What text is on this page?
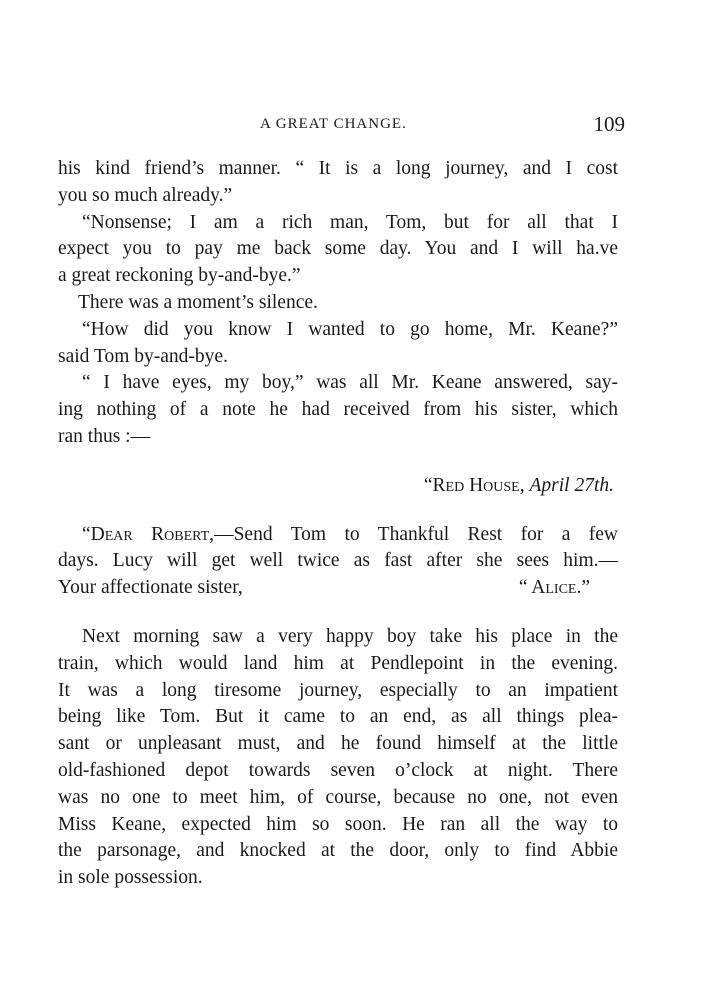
A GREAT CHANGE.	109
his kind friend’s manner. “ It is a long journey, and I cost
you so much already.”
“Nonsense; I am a rich man, Tom, but for all that I
expect you to pay me back some day. You and I will ha.ve
a great reckoning by-and-bye.”
There was a moment’s silence.
“How did you know I wanted to go home, Mr. Keane?”
said Tom by-and-bye.
“ I have eyes, my boy,” was all Mr. Keane answered, say-
ing nothing of a note he had received from his sister, which
ran thus :—
“Red House, April 27th.
“Dear Robert,—Send Tom to Thankful Rest for a few
days. Lucy will get well twice as fast after she sees him.—
Your affectionate sister,	“ Alice.”
Next morning saw a very happy boy take his place in the
train, which would land him at Pendlepoint in the evening.
It was a long tiresome journey, especially to an impatient
being like Tom. But it came to an end, as all things plea-
sant or unpleasant must, and he found himself at the little
old-fashioned depot towards seven o’clock at night. There
was no one to meet him, of course, because no one, not even
Miss Keane, expected him so soon. He ran all the way to
the parsonage, and knocked at the door, only to find Abbie
in sole possession.
